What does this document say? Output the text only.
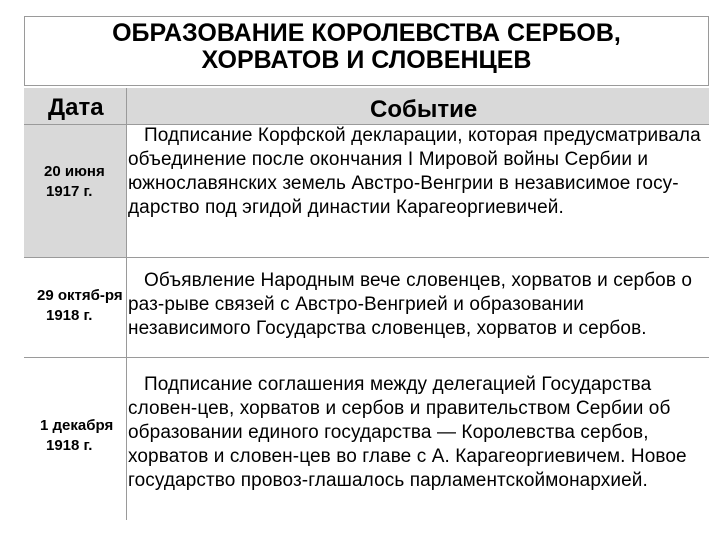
ОБРАЗОВАНИЕ КОРОЛЕВСТВА СЕРБОВ,
ХОРВАТОВ И СЛОВЕНЦЕВ
Дата	Событие
20 июня
1917 г.
Подписание Корфской декларации, которая предусматривала объединение после окончания I Мировой войны Сербии и южнославянских земель Австро-Венгрии в независимое госу-дарство под эгидой династии Карагеоргиевичей.
29 октяб-ря
1918 г.
Объявление Народным вече словенцев, хорватов и сербов о раз-рыве связей с Австро-Венгрией и образовании независимого Государства словенцев, хорватов и сербов.
1 декабря
1918 г.
Подписание соглашения между делегацией Государства словен-цев, хорватов и сербов и правительством Сербии об образовании единого государства — Королевства сербов, хорватов и словен-цев во главе с А. Карагеоргиевичем. Новое государство провоз-глашалось парламентскоймонархией.
